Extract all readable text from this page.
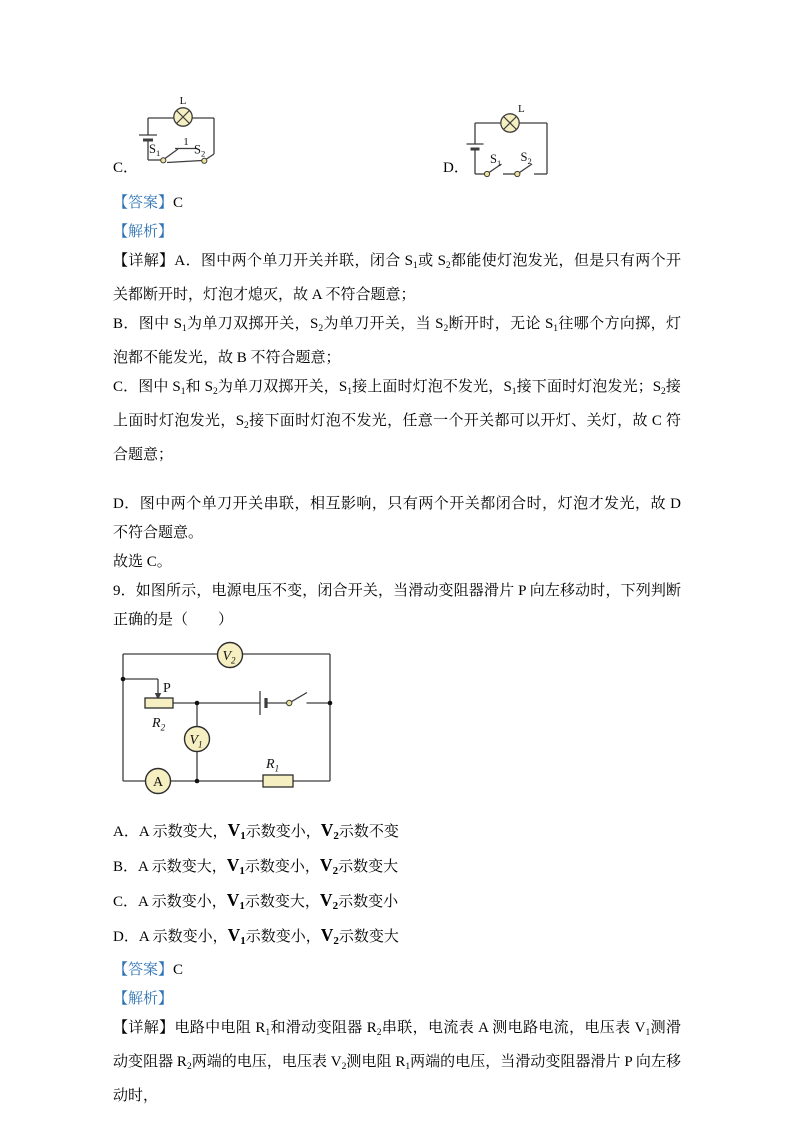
C．
L
1
$S_1$	$S_2$
D．
L
$S_1$ $S_2$

【答案】C

【解析】

【详解】A．图中两个单刀开关并联，闭合 $S_1$或 $S_2$都能使灯泡发光，但是只有两个开关都断开时，灯泡才熄灭，故 A 不符合题意；

B．图中 $S_1$为单刀双掷开关，$S_2$为单刀开关，当 $S_2$断开时，无论 $S_1$往哪个方向掷，灯泡都不能发光，故 B 不符合题意；

C．图中 $S_1$和 $S_2$为单刀双掷开关，$S_1$接上面时灯泡不发光，$S_1$接下面时灯泡发光；$S_2$接上面时灯泡发光，$S_2$接下面时灯泡不发光，任意一个开关都可以开灯、关灯，故 C 符合题意；

D．图中两个单刀开关串联，相互影响，只有两个开关都闭合时，灯泡才发光，故 D 不符合题意。

故选 C。

9．如图所示，电源电压不变，闭合开关，当滑动变阻器滑片 P 向左移动时，下列判断正确的是（　　）

$V_2$
$V_1$
A
P
$R_2$
$R_1$
A．A 示数变大，$V_1$示数变小，$V_2$示数不变
B．A 示数变大，$V_1$示数变小，$V_2$示数变大
C．A 示数变小，$V_1$示数变大，$V_2$示数变小
D．A 示数变小，$V_1$示数变小，$V_2$示数变大

【答案】C

【解析】

【详解】电路中电阻 $R_1$和滑动变阻器 $R_2$串联，电流表 A 测电路电流，电压表 $V_1$测滑动变阻器 $R_2$两端的电压，电压表 $V_2$测电阻 $R_1$两端的电压，当滑动变阻器滑片 P 向左移动时，
